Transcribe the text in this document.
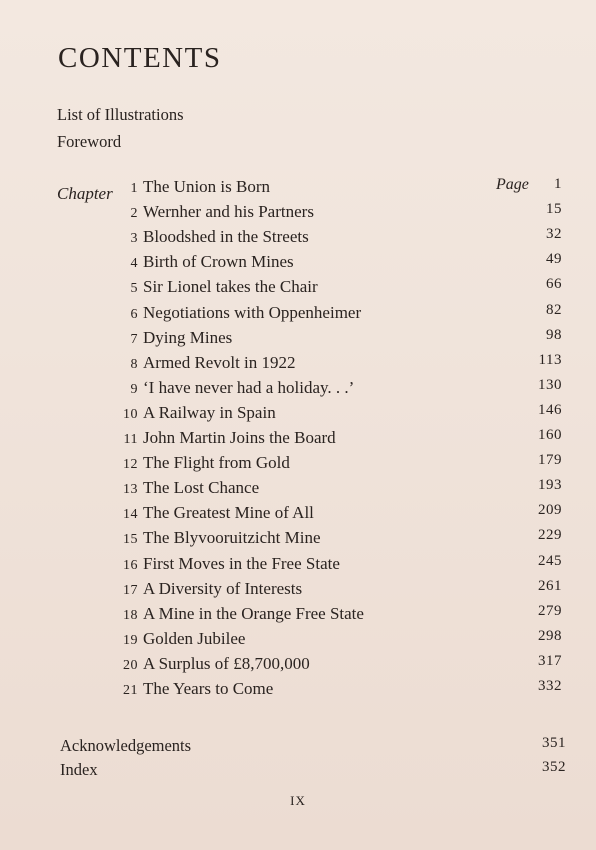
CONTENTS
List of Illustrations
Foreword
Chapter	Page
1 The Union is Born	1
2 Wernher and his Partners	15
3 Bloodshed in the Streets	32
4 Birth of Crown Mines	49
5 Sir Lionel takes the Chair	66
6 Negotiations with Oppenheimer	82
7 Dying Mines	98
8 Armed Revolt in 1922	113
9 ‘I have never had a holiday. . .’	130
10 A Railway in Spain	146
11 John Martin Joins the Board	160
12 The Flight from Gold	179
13 The Lost Chance	193
14 The Greatest Mine of All	209
15 The Blyvooruitzicht Mine	229
16 First Moves in the Free State	245
17 A Diversity of Interests	261
18 A Mine in the Orange Free State	279
19 Golden Jubilee	298
20 A Surplus of £8,700,000	317
21 The Years to Come	332
Acknowledgements	351
Index	352
IX
